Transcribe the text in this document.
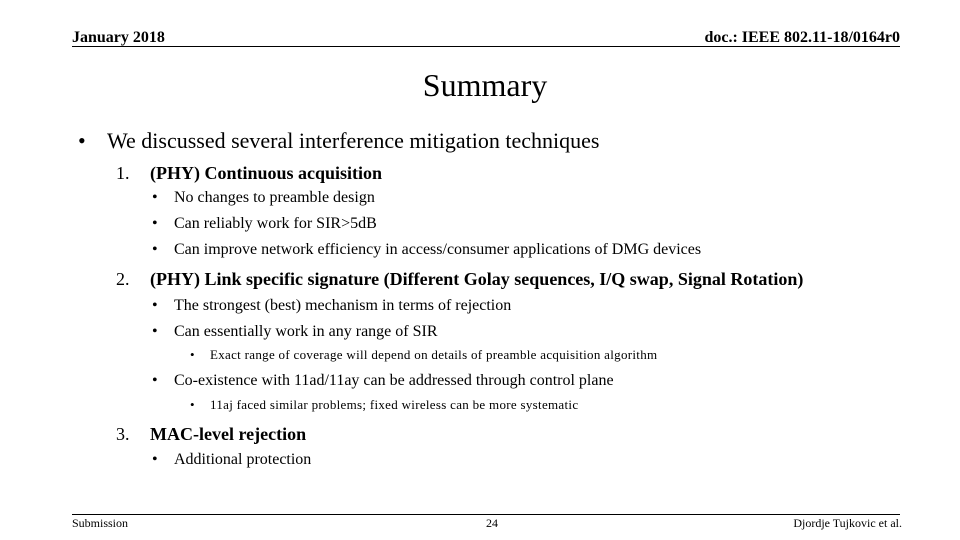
January 2018	doc.: IEEE 802.11-18/0164r0
Summary
• We discussed several interference mitigation techniques
1. (PHY) Continuous acquisition
• No changes to preamble design
• Can reliably work for SIR>5dB
• Can improve network efficiency in access/consumer applications of DMG devices
2. (PHY) Link specific signature (Different Golay sequences, I/Q swap, Signal Rotation)
• The strongest (best) mechanism in terms of rejection
• Can essentially work in any range of SIR
• Exact range of coverage will depend on details of preamble acquisition algorithm
• Co-existence with 11ad/11ay can be addressed through control plane
• 11aj faced similar problems; fixed wireless can be more systematic
3. MAC-level rejection
• Additional protection
Submission	24	Djordje Tujkovic et al.
